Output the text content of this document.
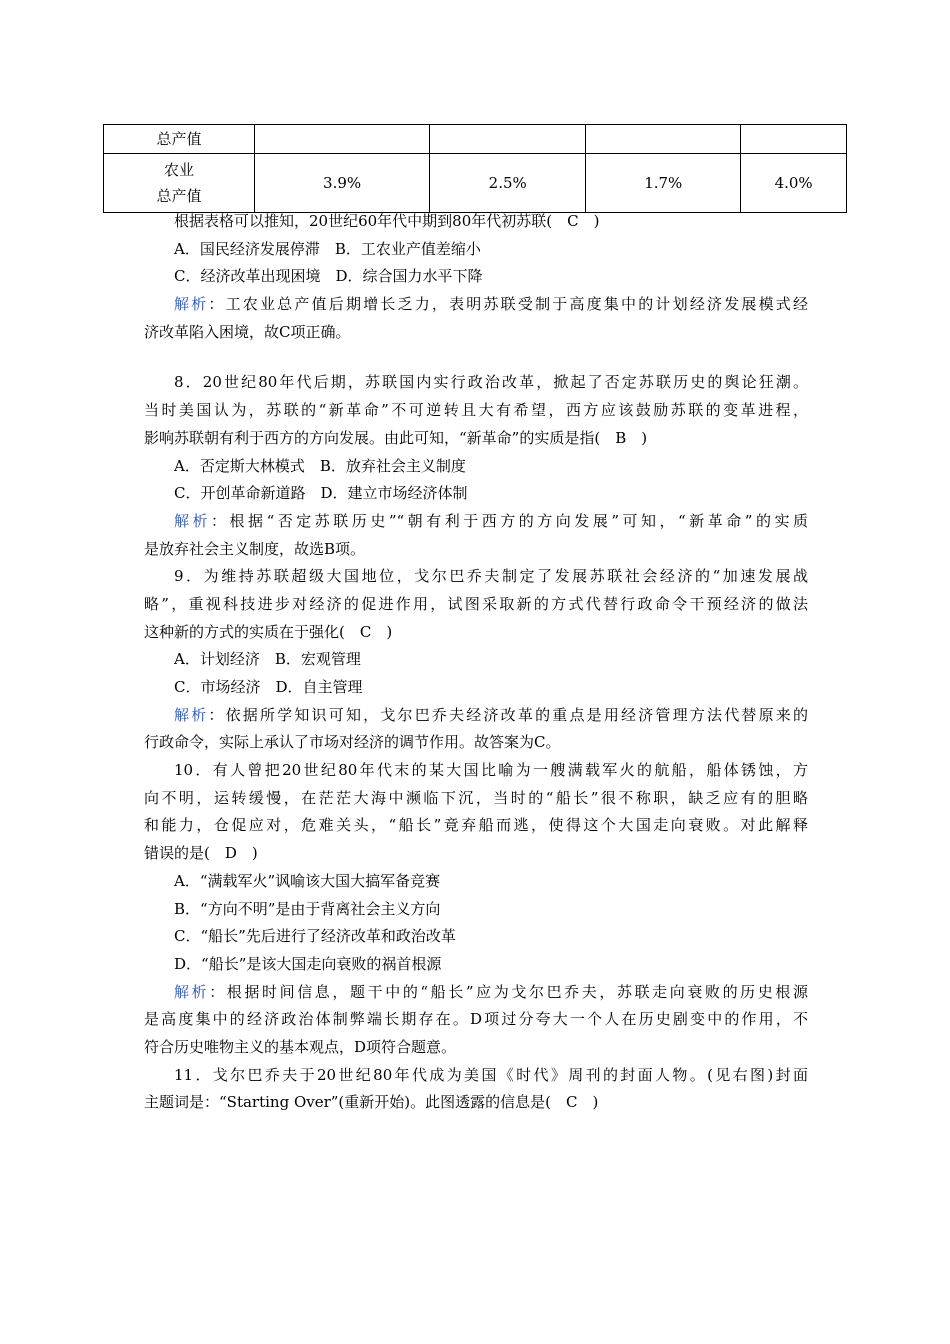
总产值				

农业
总产值	3.9%	2.5%	1.7%	4.0%
根据表格可以推知，20世纪60年代中期到80年代初苏联(　C　)
A．国民经济发展停滞　B．工农业产值差缩小
C．经济改革出现困境　D．综合国力水平下降
解析：工农业总产值后期增长乏力，表明苏联受制于高度集中的计划经济发展模式经
济改革陷入困境，故C项正确。
8．20世纪80年代后期，苏联国内实行政治改革，掀起了否定苏联历史的舆论狂潮。
当时美国认为，苏联的“新革命”不可逆转且大有希望，西方应该鼓励苏联的变革进程，
影响苏联朝有利于西方的方向发展。由此可知，“新革命”的实质是指(　B　)
A．否定斯大林模式　B．放弃社会主义制度
C．开创革命新道路　D．建立市场经济体制
解析：根据“否定苏联历史”“朝有利于西方的方向发展”可知，“新革命”的实质
是放弃社会主义制度，故选B项。
9．为维持苏联超级大国地位，戈尔巴乔夫制定了发展苏联社会经济的“加速发展战
略”，重视科技进步对经济的促进作用，试图采取新的方式代替行政命令干预经济的做法
这种新的方式的实质在于强化(　C　)
A．计划经济　B．宏观管理
C．市场经济　D．自主管理
解析：依据所学知识可知，戈尔巴乔夫经济改革的重点是用经济管理方法代替原来的
行政命令，实际上承认了市场对经济的调节作用。故答案为C。
10．有人曾把20世纪80年代末的某大国比喻为一艘满载军火的航船，船体锈蚀，方
向不明，运转缓慢，在茫茫大海中濒临下沉，当时的“船长”很不称职，缺乏应有的胆略
和能力，仓促应对，危难关头，“船长”竟弃船而逃，使得这个大国走向衰败。对此解释
错误的是(　D　)
A．“满载军火”讽喻该大国大搞军备竞赛
B．“方向不明”是由于背离社会主义方向
C．“船长”先后进行了经济改革和政治改革
D．“船长”是该大国走向衰败的祸首根源
解析：根据时间信息，题干中的“船长”应为戈尔巴乔夫，苏联走向衰败的历史根源
是高度集中的经济政治体制弊端长期存在。D项过分夸大一个人在历史剧变中的作用，不
符合历史唯物主义的基本观点，D项符合题意。
11．戈尔巴乔夫于20世纪80年代成为美国《时代》周刊的封面人物。(见右图)封面
主题词是：“Starting Over”(重新开始)。此图透露的信息是(　C　)
